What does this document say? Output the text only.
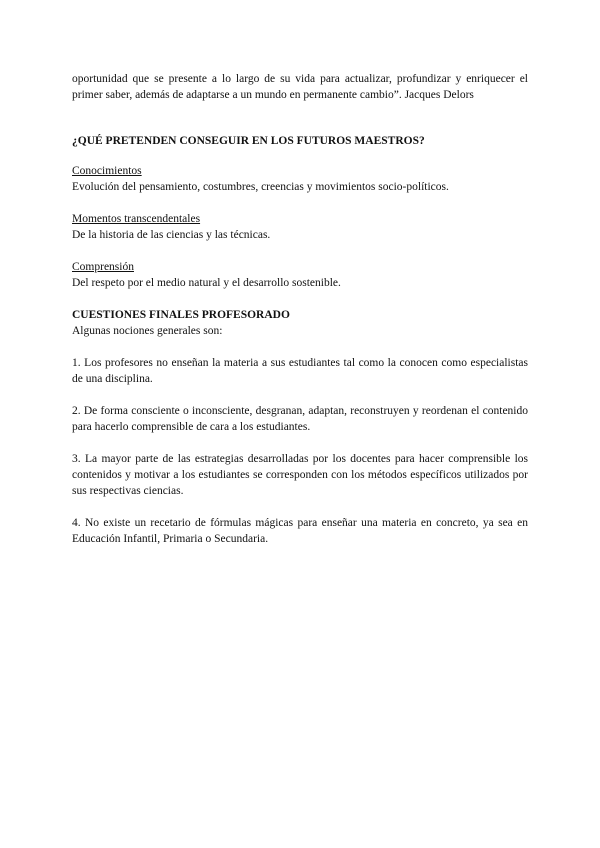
oportunidad que se presente a lo largo de su vida para actualizar, profundizar y enriquecer el primer saber, además de adaptarse a un mundo en permanente cambio”. Jacques Delors

¿QUÉ PRETENDEN CONSEGUIR EN LOS FUTUROS MAESTROS?

Conocimientos

Evolución del pensamiento, costumbres, creencias y movimientos socio-políticos.

Momentos transcendentales

De la historia de las ciencias y las técnicas.

Comprensión

Del respeto por el medio natural y el desarrollo sostenible.

CUESTIONES FINALES PROFESORADO

Algunas nociones generales son:

1. Los profesores no enseñan la materia a sus estudiantes tal como la conocen como especialistas de una disciplina.

2. De forma consciente o inconsciente, desgranan, adaptan, reconstruyen y reordenan el contenido para hacerlo comprensible de cara a los estudiantes.

3. La mayor parte de las estrategias desarrolladas por los docentes para hacer comprensible los contenidos y motivar a los estudiantes se corresponden con los métodos específicos utilizados por sus respectivas ciencias.

4. No existe un recetario de fórmulas mágicas para enseñar una materia en concreto, ya sea en Educación Infantil, Primaria o Secundaria.
